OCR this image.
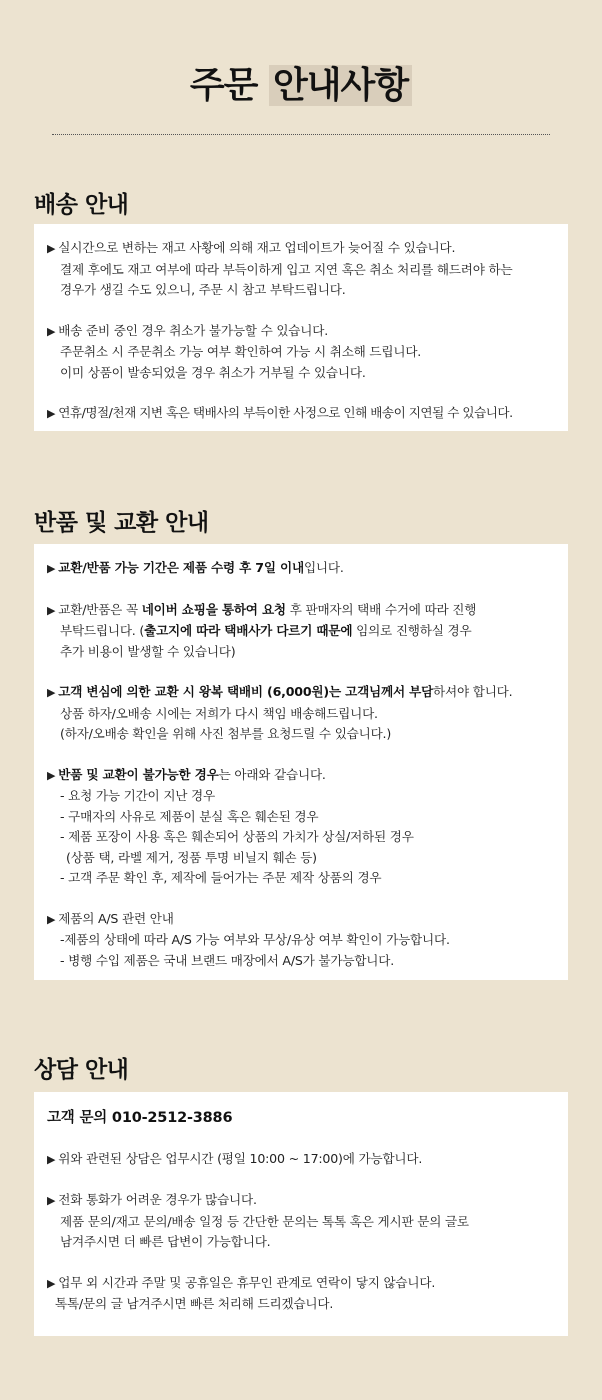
주문 안내사항
배송 안내
▶ 실시간으로 변하는 재고 사황에 의해 재고 업데이트가 늦어질 수 있습니다.
결제 후에도 재고 여부에 따라 부득이하게 입고 지연 혹은 취소 처리를 해드려야 하는
경우가 생길 수도 있으니, 주문 시 참고 부탁드립니다.
▶ 배송 준비 중인 경우 취소가 불가능할 수 있습니다.
주문취소 시 주문취소 가능 여부 확인하여 가능 시 취소해 드립니다.
이미 상품이 발송되었을 경우 취소가 거부될 수 있습니다.
▶ 연휴/명절/천재 지변 혹은 택배사의 부득이한 사정으로 인해 배송이 지연될 수 있습니다.
반품 및 교환 안내
▶ 교환/반품 가능 기간은 제품 수령 후 7일 이내입니다.
▶ 교환/반품은 꼭 네이버 쇼핑을 통하여 요청 후 판매자의 택배 수거에 따라 진행
부탁드립니다. (출고지에 따라 택배사가 다르기 때문에 임의로 진행하실 경우
추가 비용이 발생할 수 있습니다)
▶ 고객 변심에 의한 교환 시 왕복 택배비 (6,000원)는 고객님께서 부담하셔야 합니다.
상품 하자/오배송 시에는 저희가 다시 책임 배송해드립니다.
(하자/오배송 확인을 위해 사진 첨부를 요청드릴 수 있습니다.)
▶ 반품 및 교환이 불가능한 경우는 아래와 같습니다.
- 요청 가능 기간이 지난 경우
- 구매자의 사유로 제품이 분실 혹은 훼손된 경우
- 제품 포장이 사용 혹은 훼손되어 상품의 가치가 상실/저하된 경우
(상품 택, 라벨 제거, 정품 투명 비닐지 훼손 등)
- 고객 주문 확인 후, 제작에 들어가는 주문 제작 상품의 경우
▶ 제품의 A/S 관련 안내
-제품의 상태에 따라 A/S 가능 여부와 무상/유상 여부 확인이 가능합니다.
- 병행 수입 제품은 국내 브랜드 매장에서 A/S가 불가능합니다.
상담 안내
고객 문의 010-2512-3886
▶ 위와 관련된 상담은 업무시간 (평일 10:00 ~ 17:00)에 가능합니다.
▶ 전화 통화가 어려운 경우가 많습니다.
제품 문의/재고 문의/배송 일정 등 간단한 문의는 톡톡 혹은 게시판 문의 글로
남겨주시면 더 빠른 답변이 가능합니다.
▶ 업무 외 시간과 주말 및 공휴일은 휴무인 관계로 연락이 닿지 않습니다.
톡톡/문의 글 남겨주시면 빠른 처리해 드리겠습니다.
